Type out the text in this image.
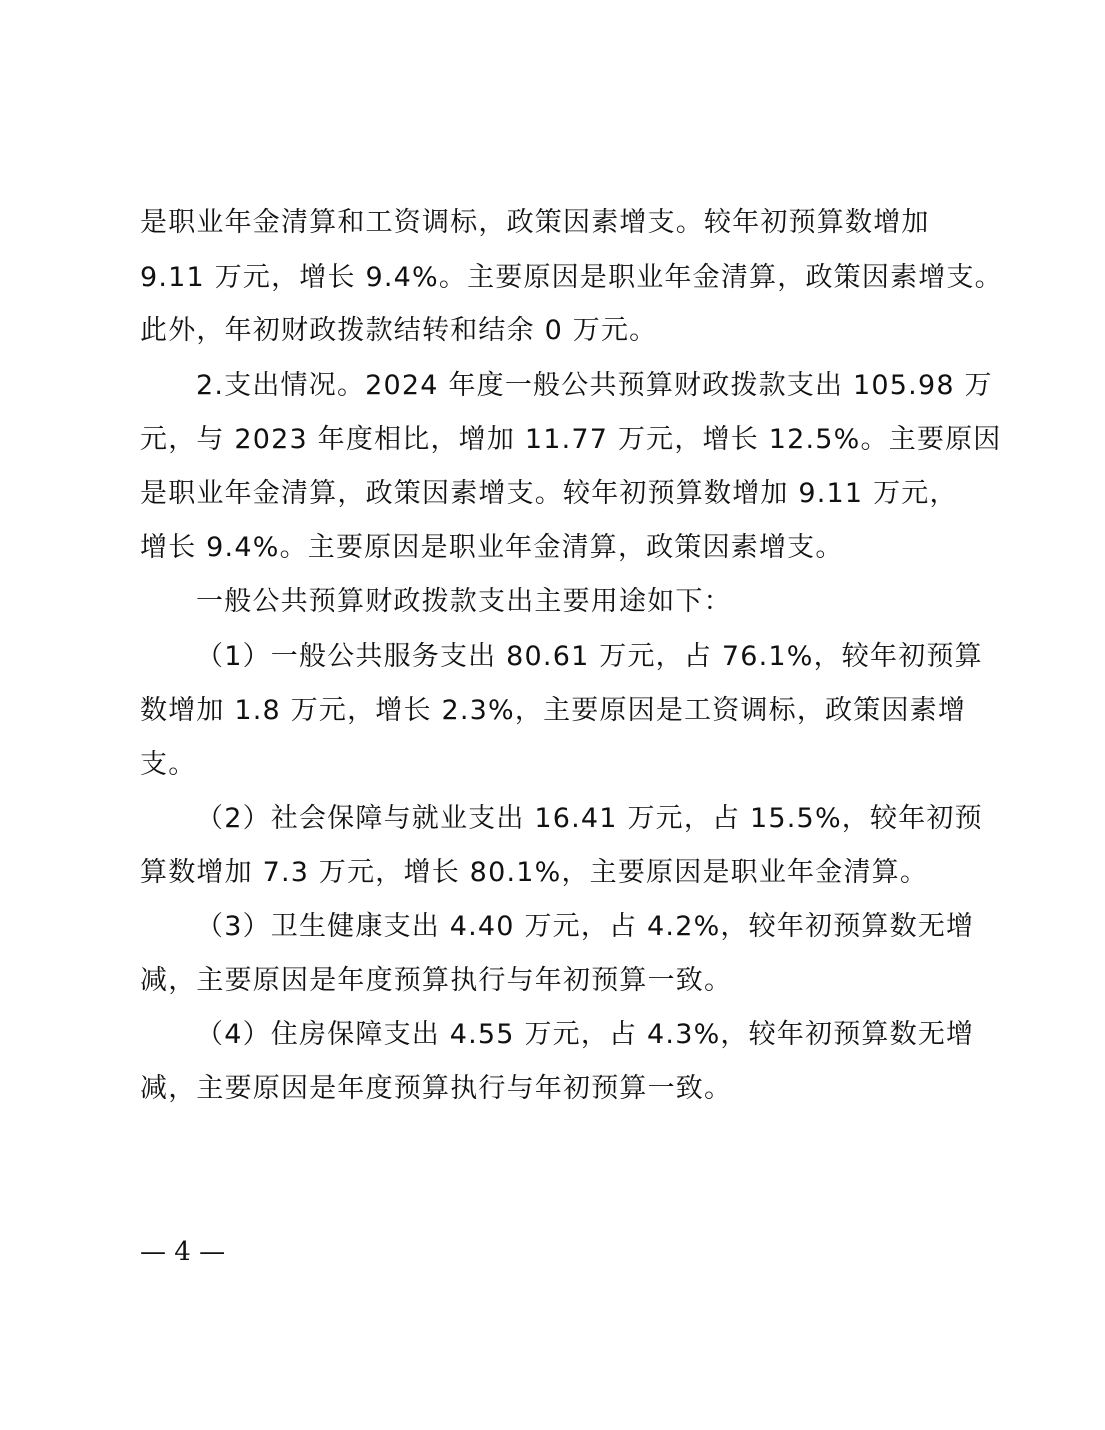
是职业年金清算和工资调标，政策因素增支。较年初预算数增加
9.11 万元，增长 9.4%。主要原因是职业年金清算，政策因素增支。
此外，年初财政拨款结转和结余 0 万元。
2.支出情况。2024 年度一般公共预算财政拨款支出 105.98 万
元，与 2023 年度相比，增加 11.77 万元，增长 12.5%。主要原因
是职业年金清算，政策因素增支。较年初预算数增加 9.11 万元，
增长 9.4%。主要原因是职业年金清算，政策因素增支。
一般公共预算财政拨款支出主要用途如下：
（1）一般公共服务支出 80.61 万元，占 76.1%，较年初预算
数增加 1.8 万元，增长 2.3%，主要原因是工资调标，政策因素增
支。
（2）社会保障与就业支出 16.41 万元，占 15.5%，较年初预
算数增加 7.3 万元，增长 80.1%，主要原因是职业年金清算。
（3）卫生健康支出 4.40 万元，占 4.2%，较年初预算数无增
减，主要原因是年度预算执行与年初预算一致。
（4）住房保障支出 4.55 万元，占 4.3%，较年初预算数无增
减，主要原因是年度预算执行与年初预算一致。
— 4 —
